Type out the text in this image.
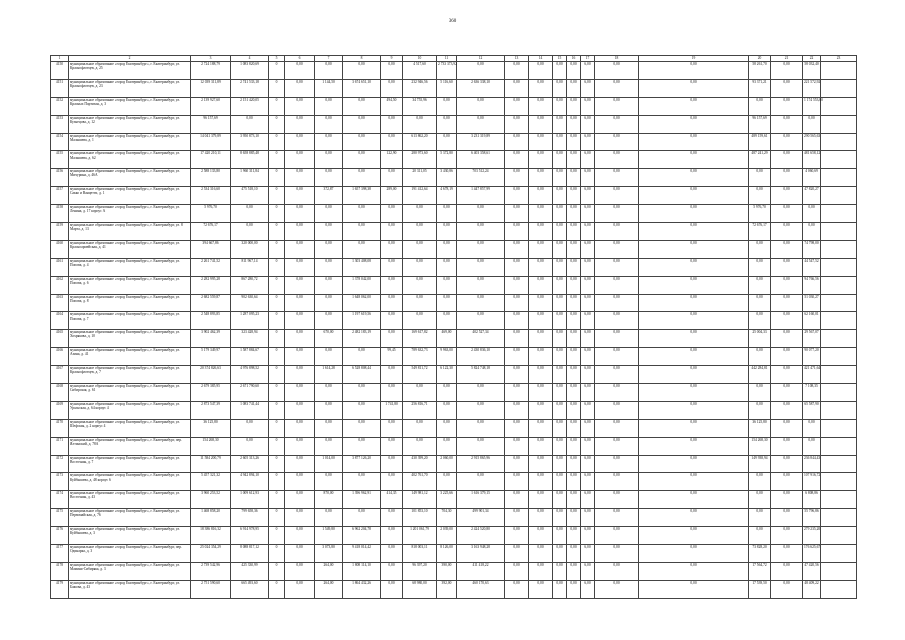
360
1	2	3	4	5	6	7	8	9	10	11	12	13	14	15	16	17	18	19	20	21	22	23
4150	муниципальное образование «город Екатеринбург», г. Екатеринбург, ул. Краснофлотцев, д. 25	2 724 188,79	1 083 820,69	0	0,00	0,00	0,00	0,00	4 517,60	2 733 373,92	0,00	0,00	0,00	0,00	0,00	6,00	0,00	0,00	58 261,70	0,00	58 032,40	
4151	муниципальное образование «город Екатеринбург», г. Екатеринбург, ул. Краснофлотцев, д. 23	12 039 311,89	2 741 533,18	0	0,00	1 144,50	3 674 651,10	0,00	232 946,56	5 116,60	2 636 338,10	0,00	0,00	0,00	0,00	6,00	0,00	0,00	93 371,21	0,00	221 572,92	
4152	муниципальное образование «город Екатеринбург», г. Екатеринбург, ул. Красных Партизан, д. 3	2 139 927,60	2 151 420,05	0	0,00	0,00	0,00	494,50	34 755,96	0,00	0,00	0,00	0,00	0,00	0,00	6,00	0,00	0,00	0,00	0,00	1 174 553,00	
4153	муниципальное образование «город Екатеринбург», г. Екатеринбург, ул. Кузнецова, д. 12	96 157,69	0,00	0	0,00	0,00	0,00	0,00	0,00	0,00	0,00	0,00	0,00	0,00	0,00	6,00	0,00	0,00	96 157,69	0,00	0,00	
4154	муниципальное образование «город Екатеринбург», г. Екатеринбург, ул. Малышева, д. 1	14 041 379,89	3 950 873,10	0	0,00	0,00	0,00	0,00	613 862,20	0,00	3 231 319,89	0,00	0,00	0,00	0,00	6,00	0,00	0,00	489 159,61	0,00	290 565,63	
4155	муниципальное образование «город Екатеринбург», г. Екатеринбург, ул. Малышева, д. 62	17 420 210,11	8 658 885,48	0	0,00	0,00	0,00	122,90	280 973,60	5 372,80	6 403 358,61	0,00	0,00	0,00	0,00	6,00	0,00	0,00	487 241,29	0,00	481 658,12	
4156	муниципальное образование «город Екатеринбург», г. Екатеринбург, ул. Мичурина, д. 46А	2 588 133,80	1 960 311,84	0	0,00	0,00	0,00	0,00	20 311,05	3 430,86	703 512,24	0,00	0,00	0,00	0,00	6,00	0,00	0,00	0,00	0,00	4 060,69	
4157	муниципальное образование «город Екатеринбург», г. Екатеринбург, ул. Сакко и Ванцетти, д. 1	2 534 316,60	475 518,10	0	0,00	372,87	1 657 398,38	289,00	191 412,64	4 678,19	1 447 857,99	0,00	0,00	0,00	0,00	6,00	0,00	0,00	0,00	0,00	47 820,27	
4158	муниципальное образование «город Екатеринбург», г. Екатеринбург, ул. Ленина, д. 17 корпус А	5 976,70	0,00	0	0,00	0,00	0,00	0,00	0,00	0,00	0,00	0,00	0,00	0,00	0,00	6,00	0,00	0,00	5 976,70	0,00	0,00	
4159	муниципальное образование «город Екатеринбург», г. Екатеринбург, ул. 8 Марта, д. 13	72 676,17	0,00	0	0,00	0,00	0,00	0,00	0,00	0,00	0,00	0,00	0,00	0,00	0,00	6,00	0,00	0,00	72 676,17	0,00	0,00	
4160	муниципальное образование «город Екатеринбург», г. Екатеринбург, ул. Красноармейская, д. 41	394 667,86	320 000,00	0	0,00	0,00	0,00	0,00	0,00	0,00	0,00	0,00	0,00	0,00	0,00	6,00	0,00	0,00	0,00	0,00	74 798,00	
4161	муниципальное образование «город Екатеринбург», г. Екатеринбург, ул. Попова, д. 4	2 261 741,52	811 967,14	0	0,00	0,00	1 303 408,08	0,00	0,00	0,00	0,00	0,00	0,00	0,00	0,00	6,00	0,00	0,00	0,00	0,00	44 547,52	
4162	муниципальное образование «город Екатеринбург», г. Екатеринбург, ул. Попова, д. 6	2 282 995,28	867 280,72	0	0,00	0,00	1 378 042,00	0,00	0,00	0,00	0,00	0,00	0,00	0,00	0,00	6,00	0,00	0,00	0,00	0,00	94 766,56	
4163	муниципальное образование «город Екатеринбург», г. Екатеринбург, ул. Попова, д. 8	2 682 559,87	902 630,64	0	0,00	0,00	1 648 062,00	0,00	0,00	0,00	0,00	0,00	0,00	0,00	0,00	6,00	0,00	0,00	0,00	0,00	51 030,27	
4164	муниципальное образование «город Екатеринбург», г. Екатеринбург, ул. Попова, д. 7	2 548 893,85	1 287 095,23	0	0,00	0,00	1 197 619,56	0,00	0,00	0,00	0,00	0,00	0,00	0,00	0,00	6,00	0,00	0,00	0,00	0,00	62 160,01	
4165	муниципальное образование «город Екатеринбург», г. Екатеринбург, ул. Хохрякова, д. 10	3 902 462,39	323 428,94	0	0,00	670,00	2 482 183,19	0,00	169 617,82	469,00	402 527,34	0,00	0,00	0,00	0,00	6,00	0,00	0,00	25 004,33	0,00	29 567,07	
4166	муниципальное образование «город Екатеринбург», г. Екатеринбург, ул. Азина, д. 41	5 179 349,97	1 587 884,67	0	0,00	0,00	0,00	99,45	789 632,73	9 963,00	2 430 836,10	0,00	0,00	0,00	0,00	6,00	0,00	0,00	0,00	0,00	90 077,20	
4167	муниципальное образование «город Екатеринбург», г. Екатеринбург, ул. Краснофлотцев, д. 7	20 374 826,63	4 976 898,52	0	0,00	1 614,28	6 528 808,44	0,00	549 811,72	6 122,30	5 824 748,18	0,00	0,00	0,00	0,00	6,00	0,00	0,00	442 284,81	0,00	421 471,64	
4168	муниципальное образование «город Екатеринбург», г. Екатеринбург, ул. Сибирская, д. 61	2 679 385,95	2 671 790,60	0	0,00	0,00	0,00	0,00	0,00	0,00	0,00	0,00	0,00	0,00	0,00	6,00	0,00	0,00	0,00	0,00	7 108,35	
4169	муниципальное образование «город Екатеринбург», г. Екатеринбург, ул. Уральская, д. 64 корпус 4	2 873 547,39	1 083 741,44	0	0,00	0,00	0,00	1 741,80	256 816,71	0,00	0,00	0,00	0,00	0,00	0,00	6,00	0,00	0,00	0,00	0,00	65 587,90	
4170	муниципальное образование «город Екатеринбург», г. Екатеринбург, ул. Шефская, д. 2 корпус 4	36 125,80	0,00	0	0,00	0,00	0,00	0,00	0,00	0,00	0,00	0,00	0,00	0,00	0,00	6,00	0,00	0,00	36 125,80	0,00	0,00	
4171	муниципальное образование «город Екатеринбург», г. Екатеринбург, пер. Ялтинский, д. 78А	154 268,30	0,00	0	0,00	0,00	0,00	0,00	0,00	0,00	0,00	0,00	0,00	0,00	0,00	6,00	0,00	0,00	154 268,30	0,00	0,00	
4172	муниципальное образование «город Екатеринбург», г. Екатеринбург, ул. Восточная, д. 7	11 584 200,79	2 605 313,26	0	0,00	1 014,00	3 877 126,20	0,00	430 399,20	2 060,00	2 915 865,96	0,00	0,00	0,00	0,00	6,00	0,00	0,00	149 938,94	0,00	236 844,43	
4173	муниципальное образование «город Екатеринбург», г. Екатеринбург, ул. Куйбышева, д. 48 корпус 6	5 457 321,32	4 942 894,10	0	0,00	0,00	0,00	0,00	402 761,70	0,00	0,00	0,00	0,00	0,00	0,00	6,00	0,00	0,00	0,00	0,00	107 916,72	
4174	муниципальное образование «город Екатеринбург», г. Екатеринбург, ул. Восточная, д. 43	3 960 253,52	1 009 612,93	0	0,00	870,00	1 396 962,91	414,35	149 981,12	3 225,66	1 616 379,15	0,00	0,00	0,00	0,00	6,00	0,00	0,00	0,00	0,00	6 808,86	
4175	муниципальное образование «город Екатеринбург», г. Екатеринбург, ул. Первомайская, д. 76	1 468 858,20	799 658,36	0	0,00	0,00	0,00	0,00	101 853,10	704,30	499 901,34	0,00	0,00	0,00	0,00	6,00	0,00	0,00	0,00	0,00	55 796,86	
4176	муниципальное образование «город Екатеринбург», г. Екатеринбург, ул. Куйбышева, д. 3	18 386 816,32	6 914 978,95	0	0,00	1 549,80	6 962 204,78	0,00	1 201 061,79	2 039,00	2 424 520,80	0,00	0,00	0,00	0,00	6,00	0,00	0,00	0,00	0,00	279 235,20	
4177	муниципальное образование «город Екатеринбург», г. Екатеринбург, пер. Одинарка, д. 3	25 024 354,29	8 088 817,12	0	0,00	3 073,80	9 418 014,42	0,00	818 003,11	8 126,00	3 163 948,28	0,00	0,00	0,00	0,00	6,00	0,00	0,00	73 828,20	0,00	176 625,67	
4178	муниципальное образование «город Екатеринбург», г. Екатеринбург, ул. Мамина-Сибиряка, д. 3	2 739 542,96	425 330,99	0	0,00	264,00	1 808 114,10	0,00	96 397,20	390,00	411 418,22	0,00	0,00	0,00	0,00	6,00	0,00	0,00	17 564,72	0,00	47 420,56	
4179	муниципальное образование «город Екатеринбург», г. Екатеринбург, ул. Бажова, д. 43	2 751 590,60	665 493,60	0	0,00	264,00	1 864 432,26	0,00	68 980,00	392,00	460 170,63	0,00	0,00	0,00	0,00	6,00	0,00	0,00	17 539,50	0,00	48 409,22	
